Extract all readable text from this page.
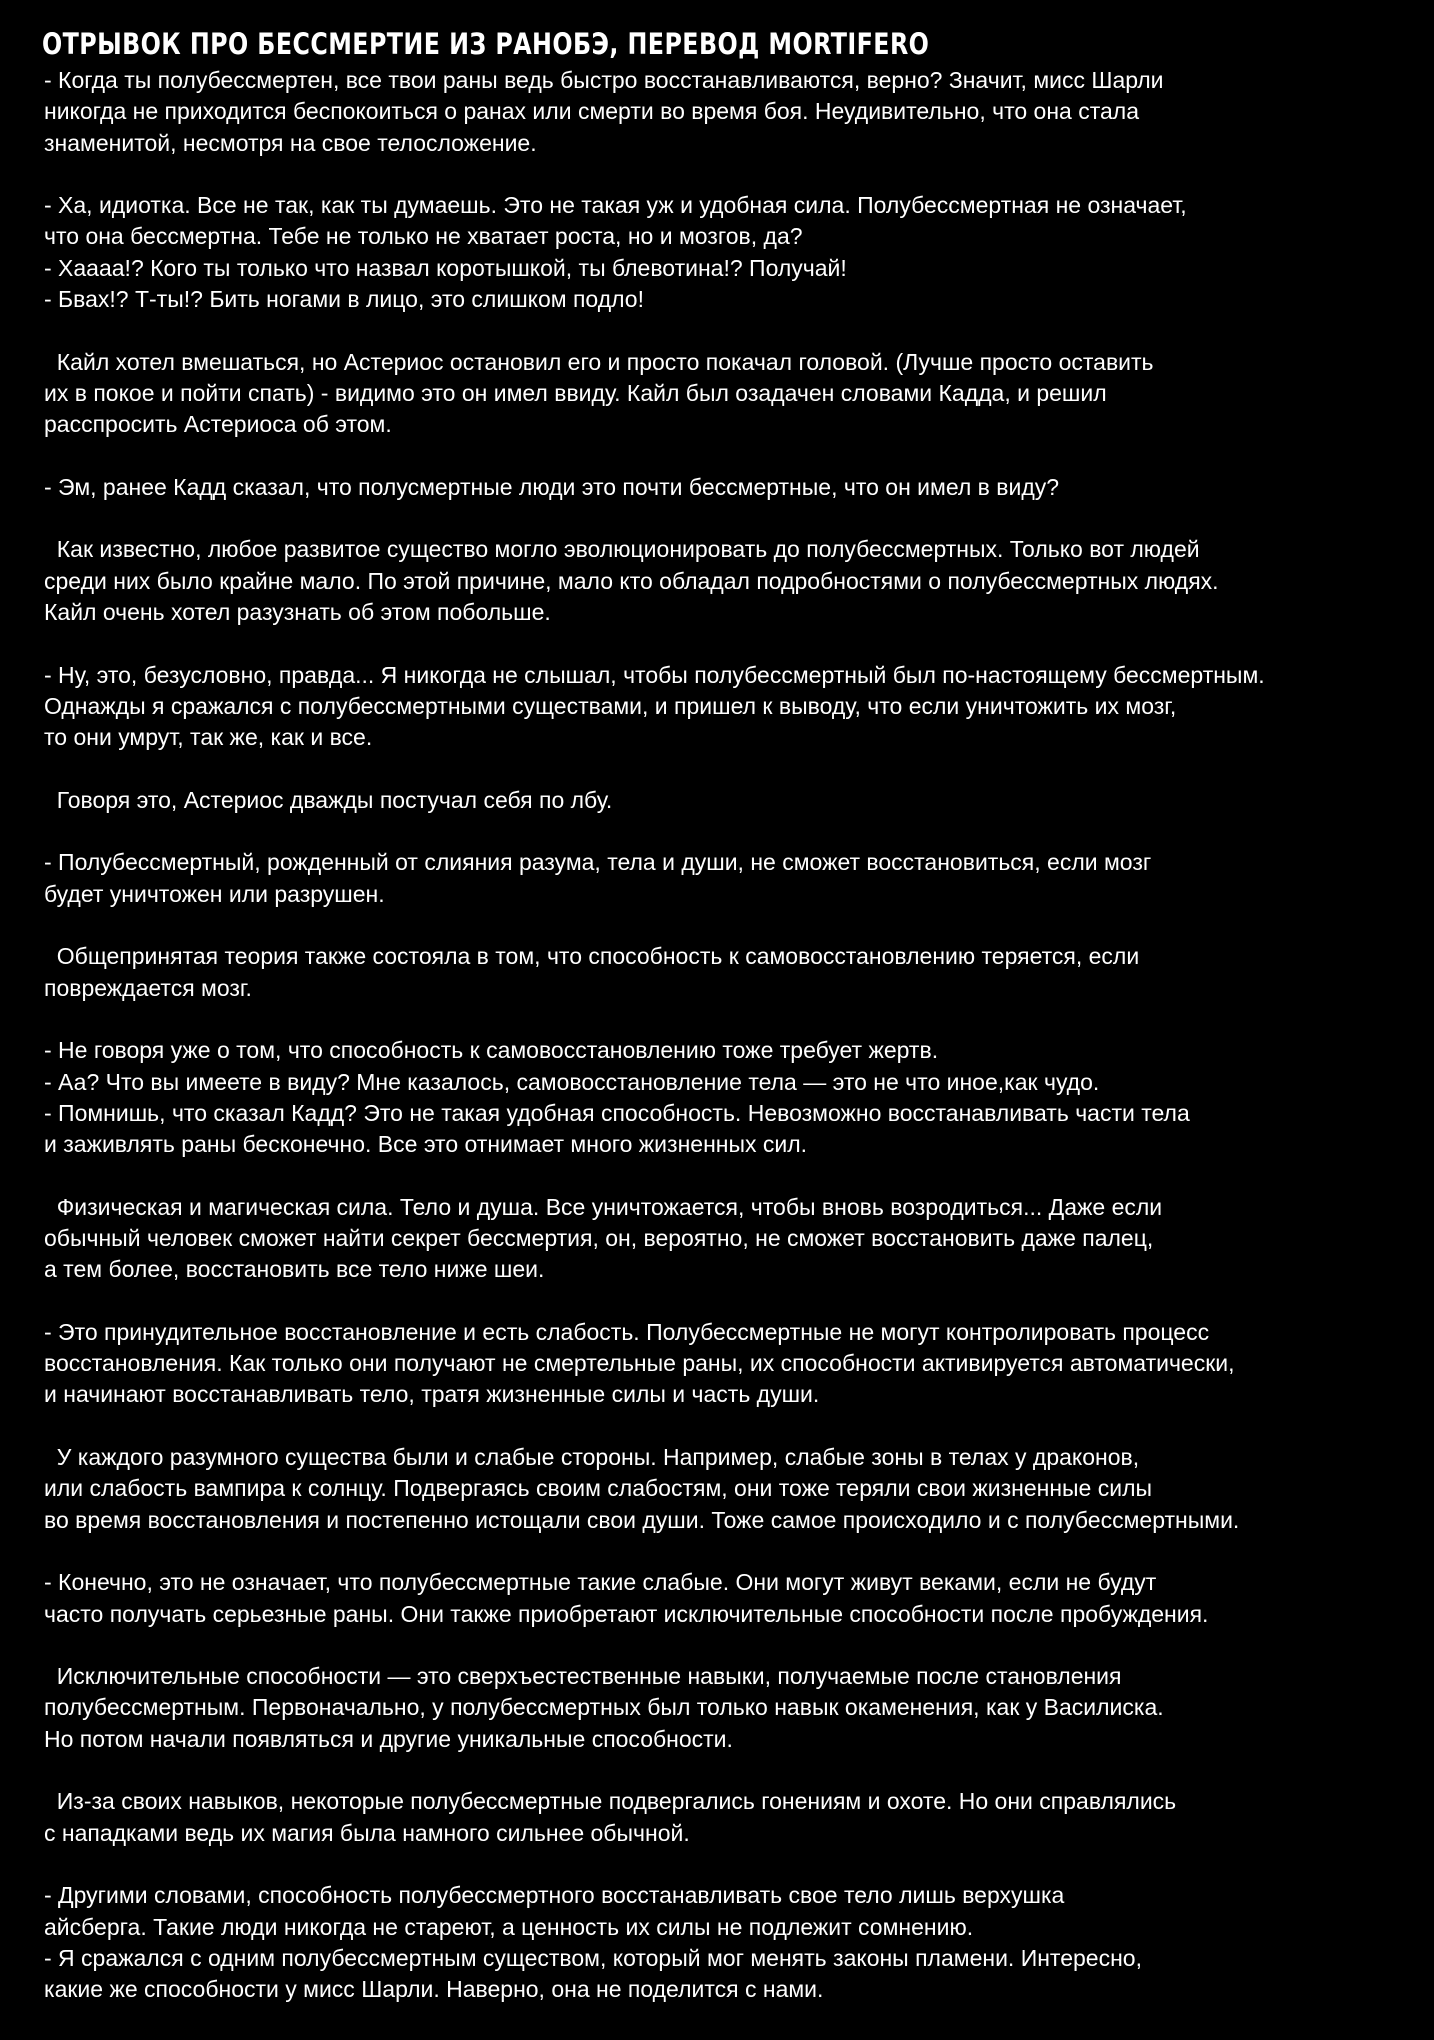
ОТРЫВОК ПРО БЕССМЕРТИЕ ИЗ РАНОБЭ, ПЕРЕВОД MORTIFERO
- Когда ты полубессмертен, все твои раны ведь быстро восстанавливаются, верно? Значит, мисс Шарли
никогда не приходится беспокоиться о ранах или смерти во время боя. Неудивительно, что она стала
знаменитой, несмотря на свое телосложение.
- Ха, идиотка. Все не так, как ты думаешь. Это не такая уж и удобная сила. Полубессмертная не означает,
что она бессмертна. Тебе не только не хватает роста, но и мозгов, да?
- Хаааа!? Кого ты только что назвал коротышкой, ты блевотина!? Получай!
- Бвах!? Т-ты!? Бить ногами в лицо, это слишком подло!
Кайл хотел вмешаться, но Астериос остановил его и просто покачал головой. (Лучше просто оставить
их в покое и пойти спать) - видимо это он имел ввиду. Кайл был озадачен словами Кадда, и решил
расспросить Астериоса об этом.
- Эм, ранее Кадд сказал, что полусмертные люди это почти бессмертные, что он имел в виду?
Как известно, любое развитое существо могло эволюционировать до полубессмертных. Только вот людей
среди них было крайне мало. По этой причине, мало кто обладал подробностями о полубессмертных людях.
Кайл очень хотел разузнать об этом побольше.
- Ну, это, безусловно, правда... Я никогда не слышал, чтобы полубессмертный был по-настоящему бессмертным.
Однажды я сражался с полубессмертными существами, и пришел к выводу, что если уничтожить их мозг,
то они умрут, так же, как и все.
Говоря это, Астериос дважды постучал себя по лбу.
- Полубессмертный, рожденный от слияния разума, тела и души, не сможет восстановиться, если мозг
будет уничтожен или разрушен.
Общепринятая теория также состояла в том, что способность к самовосстановлению теряется, если
повреждается мозг.
- Не говоря уже о том, что способность к самовосстановлению тоже требует жертв.
- Аа? Что вы имеете в виду? Мне казалось, самовосстановление тела — это не что иное,как чудо.
- Помнишь, что сказал Кадд? Это не такая удобная способность. Невозможно восстанавливать части тела
и заживлять раны бесконечно. Все это отнимает много жизненных сил.
Физическая и магическая сила. Тело и душа. Все уничтожается, чтобы вновь возродиться... Даже если
обычный человек сможет найти секрет бессмертия, он, вероятно, не сможет восстановить даже палец,
а тем более, восстановить все тело ниже шеи.
- Это принудительное восстановление и есть слабость. Полубессмертные не могут контролировать процесс
восстановления. Как только они получают не смертельные раны, их способности активируется автоматически,
и начинают восстанавливать тело, тратя жизненные силы и часть души.
У каждого разумного существа были и слабые стороны. Например, слабые зоны в телах у драконов,
или слабость вампира к солнцу. Подвергаясь своим слабостям, они тоже теряли свои жизненные силы
во время восстановления и постепенно истощали свои души. Тоже самое происходило и с полубессмертными.
- Конечно, это не означает, что полубессмертные такие слабые. Они могут живут веками, если не будут
часто получать серьезные раны. Они также приобретают исключительные способности после пробуждения.
Исключительные способности — это сверхъестественные навыки, получаемые после становления
полубессмертным. Первоначально, у полубессмертных был только навык окаменения, как у Василиска.
Но потом начали появляться и другие уникальные способности.
Из-за своих навыков, некоторые полубессмертные подвергались гонениям и охоте. Но они справлялись
с нападками ведь их магия была намного сильнее обычной.
- Другими словами, способность полубессмертного восстанавливать свое тело лишь верхушка
айсберга. Такие люди никогда не стареют, а ценность их силы не подлежит сомнению.
- Я сражался с одним полубессмертным существом, который мог менять законы пламени. Интересно,
какие же способности у мисс Шарли. Наверно, она не поделится с нами.
